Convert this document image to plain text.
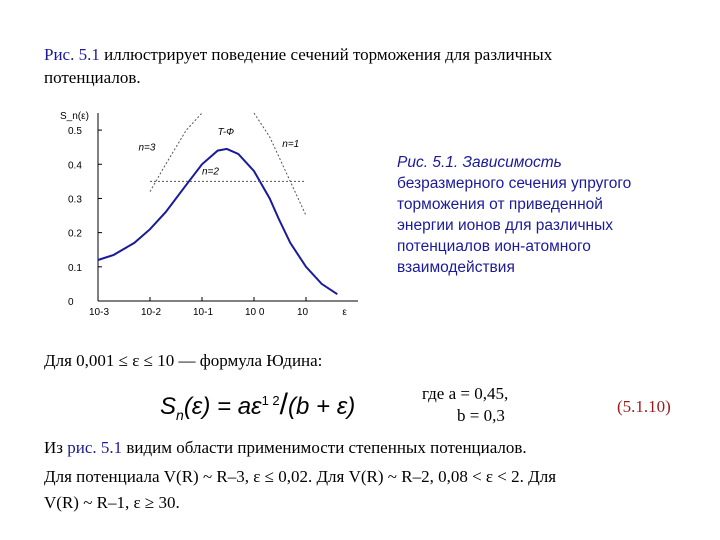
Рис. 5.1 иллюстрирует поведение сечений торможения для различных
потенциалов.
S_n(ε)
0.5
0.4
0.3
0.2
0.1
0
10-3	10-2	10-1	10 0	10	ε
n=3	n=1
n=2
T-Ф
Рис. 5.1. Зависимость
безразмерного сечения упругого
торможения от приведенной
энергии ионов для различных
потенциалов ион-атомного
взаимодействия
Для 0,001 ≤ ε ≤ 10 — формула Юдина:
$S_n(\varepsilon) = a\varepsilon^{1 2}/(b + \varepsilon)$	где a = 0,45,
b = 0,3	(5.1.10)
Из рис. 5.1 видим области применимости степенных потенциалов.
Для потенциала V(R) ~ R–3, ε ≤ 0,02. Для V(R) ~ R–2, 0,08 < ε < 2. Для
V(R) ~ R–1, ε ≥ 30.
